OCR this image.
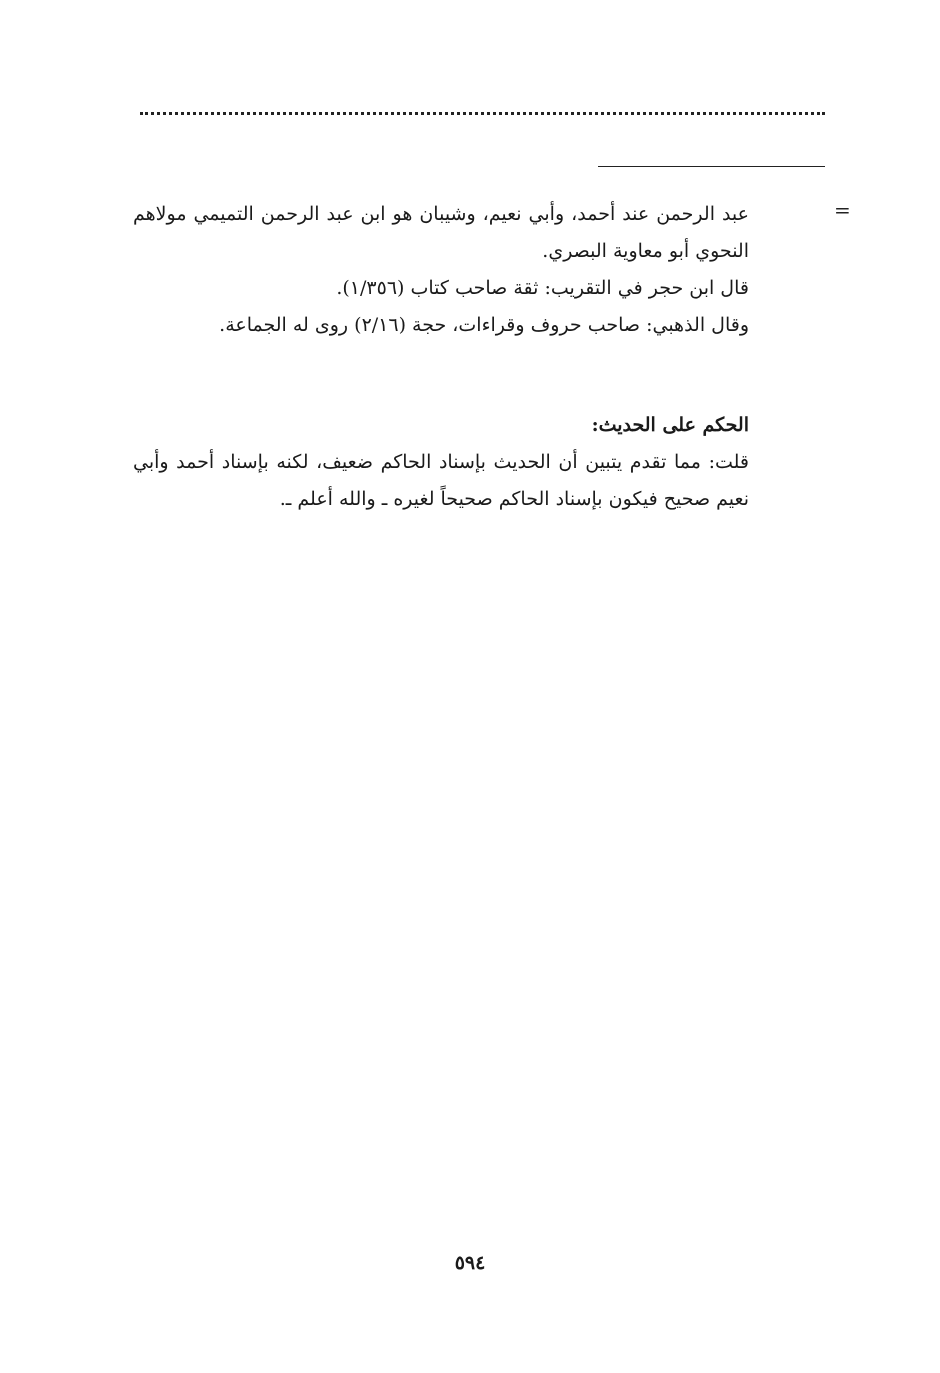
=

عبد الرحمن عند أحمد، وأبي نعيم، وشيبان هو ابن عبد الرحمن التميمي مولاهم النحوي أبو معاوية البصري.

قال ابن حجر في التقريب: ثقة صاحب كتاب (١/٣٥٦).

وقال الذهبي: صاحب حروف وقراءات، حجة (٢/١٦) روى له الجماعة.

الحكم على الحديث:

قلت: مما تقدم يتبين أن الحديث بإسناد الحاكم ضعيف، لكنه بإسناد أحمد وأبي نعيم صحيح فيكون بإسناد الحاكم صحيحاً لغيره ـ والله أعلم ـ.

٥٩٤
